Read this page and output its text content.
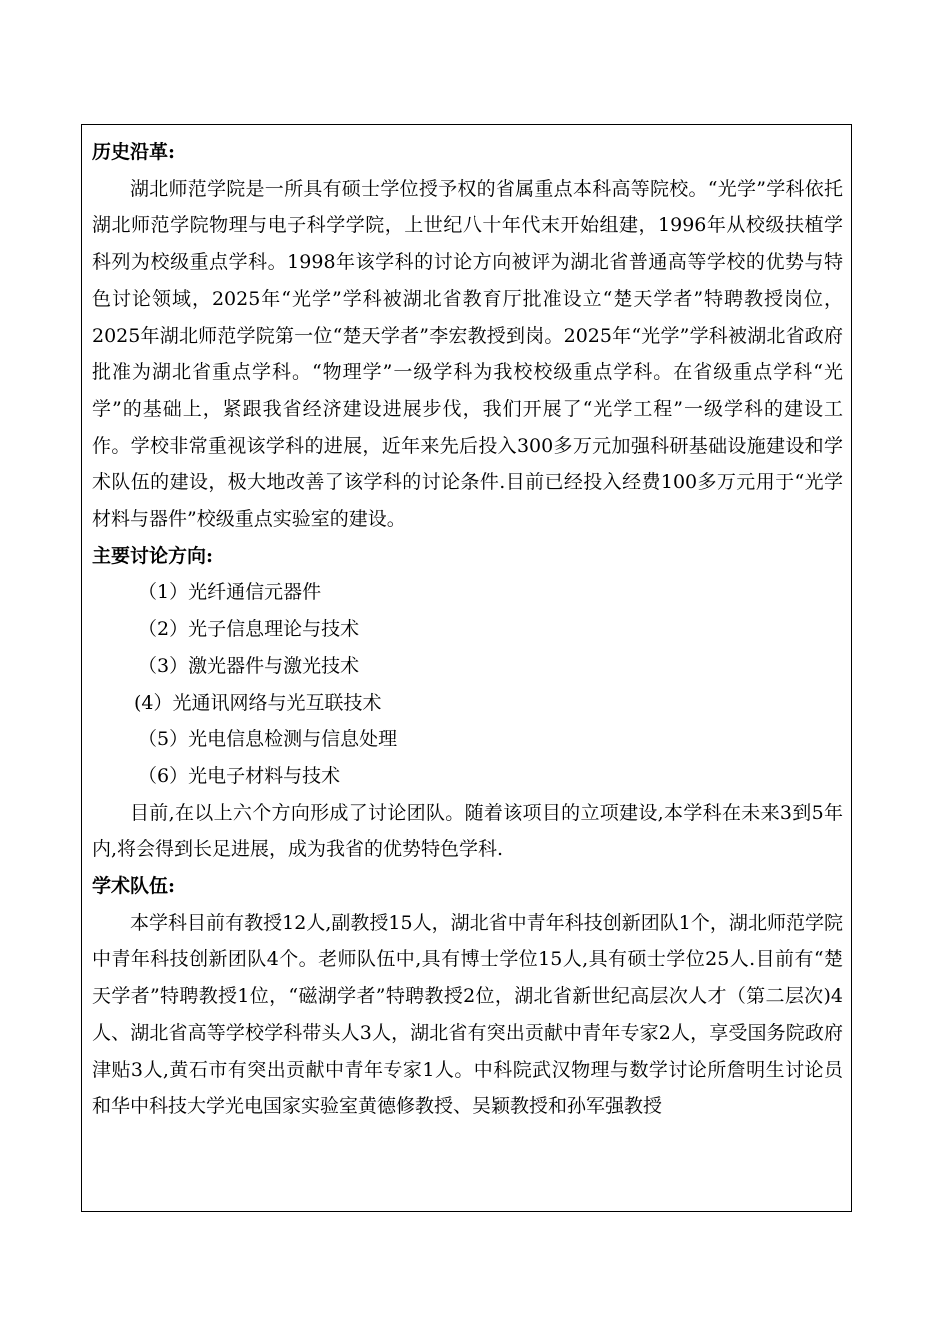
历史沿革:

湖北师范学院是一所具有硕士学位授予权的省属重点本科高等院校。“光学”学科依托湖北师范学院物理与电子科学学院，上世纪八十年代末开始组建，1996年从校级扶植学科列为校级重点学科。1998年该学科的讨论方向被评为湖北省普通高等学校的优势与特色讨论领域，2025年“光学”学科被湖北省教育厅批准设立“楚天学者”特聘教授岗位，2025年湖北师范学院第一位“楚天学者”李宏教授到岗。2025年“光学”学科被湖北省政府批准为湖北省重点学科。“物理学”一级学科为我校校级重点学科。在省级重点学科“光学”的基础上，紧跟我省经济建设进展步伐，我们开展了“光学工程”一级学科的建设工作。学校非常重视该学科的进展，近年来先后投入300多万元加强科研基础设施建设和学术队伍的建设，极大地改善了该学科的讨论条件.目前已经投入经费100多万元用于“光学材料与器件”校级重点实验室的建设。

主要讨论方向:

（1）光纤通信元器件
（2）光子信息理论与技术
（3）激光器件与激光技术
(4）光通讯网络与光互联技术
（5）光电信息检测与信息处理
（6）光电子材料与技术

目前,在以上六个方向形成了讨论团队。随着该项目的立项建设,本学科在未来3到5年内,将会得到长足进展，成为我省的优势特色学科.

学术队伍:

本学科目前有教授12人,副教授15人，湖北省中青年科技创新团队1个，湖北师范学院中青年科技创新团队4个。老师队伍中,具有博士学位15人,具有硕士学位25人.目前有“楚天学者”特聘教授1位，“磁湖学者”特聘教授2位，湖北省新世纪高层次人才（第二层次)4人、湖北省高等学校学科带头人3人，湖北省有突出贡献中青年专家2人，享受国务院政府津贴3人,黄石市有突出贡献中青年专家1人。中科院武汉物理与数学讨论所詹明生讨论员和华中科技大学光电国家实验室黄德修教授、吴颖教授和孙军强教授
